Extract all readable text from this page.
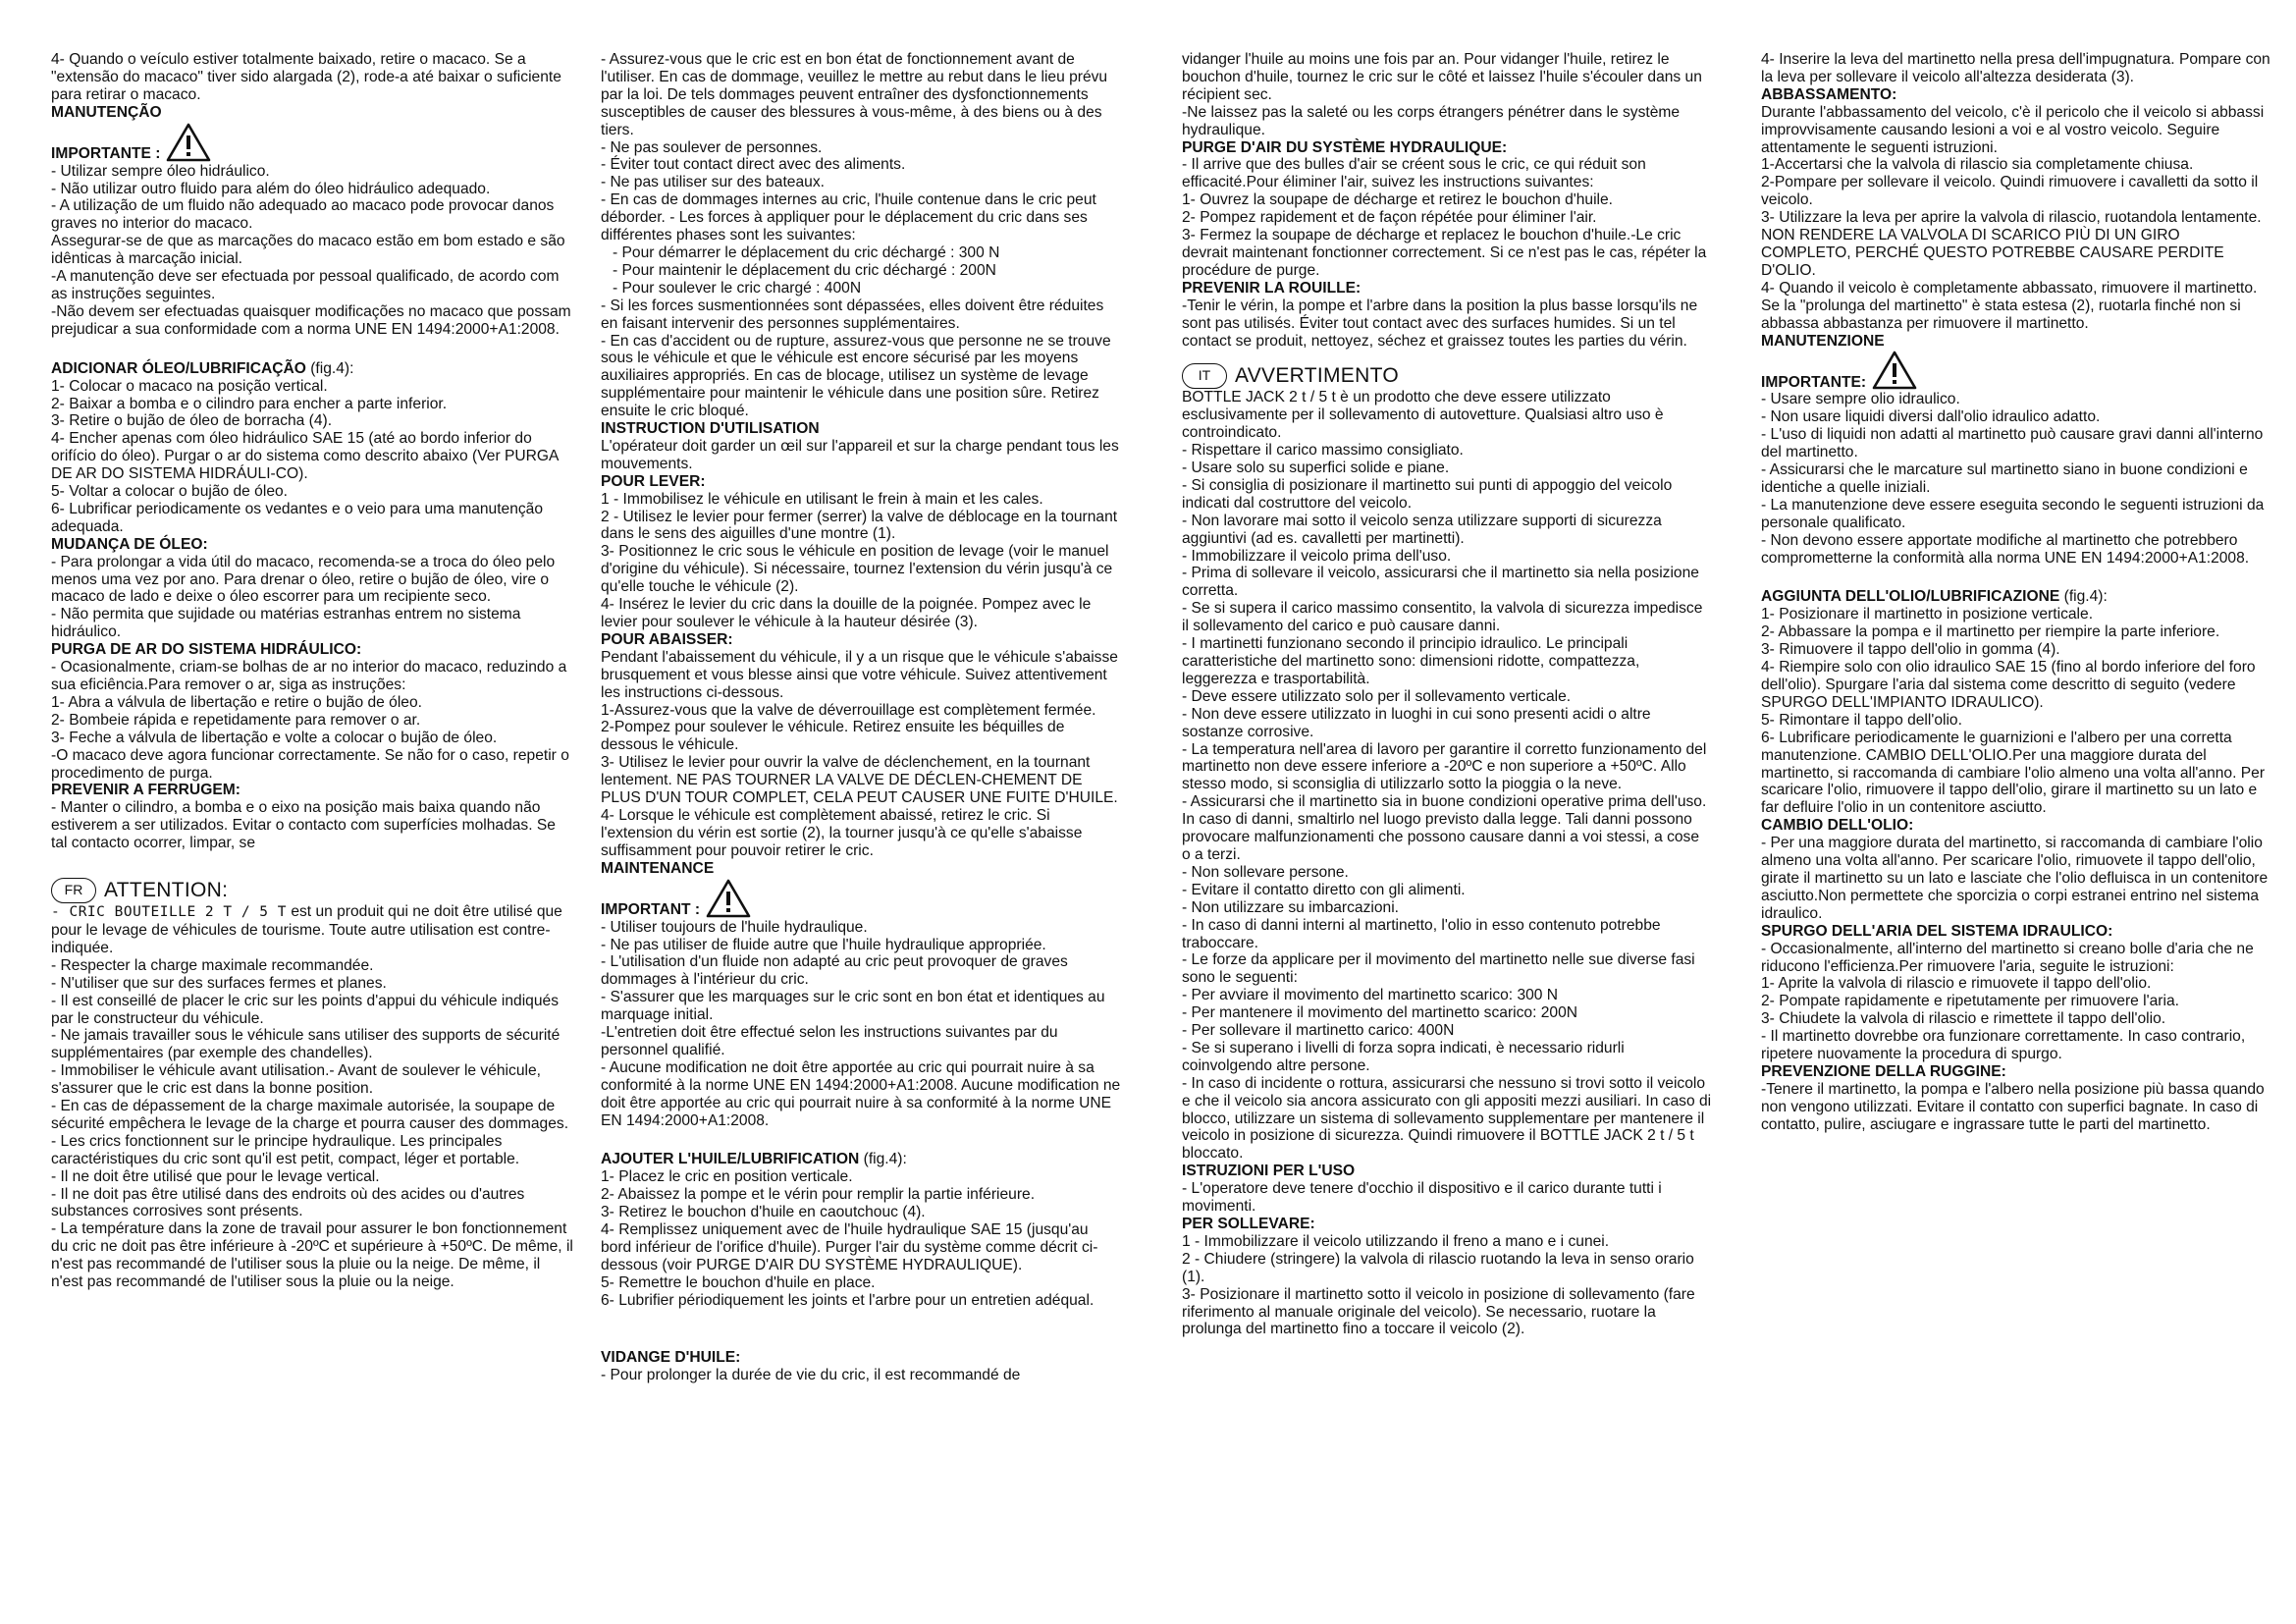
4- Quando o veículo estiver totalmente baixado, retire o macaco. Se a "extensão do macaco" tiver sido alargada (2), rode-a até baixar o suficiente para retirar o macaco.

MANUTENÇÃO

IMPORTANTE :

- Utilizar sempre óleo hidráulico.

- Não utilizar outro fluido para além do óleo hidráulico adequado.

- A utilização de um fluido não adequado ao macaco pode provocar danos graves no interior do macaco.

Assegurar-se de que as marcações do macaco estão em bom estado e são idênticas à marcação inicial.

-A manutenção deve ser efectuada por pessoal qualificado, de acordo com as instruções seguintes.

-Não devem ser efectuadas quaisquer modificações no macaco que possam prejudicar a sua conformidade com a norma UNE EN 1494:2000+A1:2008.

ADICIONAR ÓLEO/LUBRIFICAÇÃO (fig.4):

1- Colocar o macaco na posição vertical.

2- Baixar a bomba e o cilindro para encher a parte inferior.

3- Retire o bujão de óleo de borracha (4).

4- Encher apenas com óleo hidráulico SAE 15 (até ao bordo inferior do orifício do óleo). Purgar o ar do sistema como descrito abaixo (Ver PURGA DE AR DO SISTEMA HIDRÁULI-CO).

5- Voltar a colocar o bujão de óleo.

6- Lubrificar periodicamente os vedantes e o veio para uma manutenção adequada.

MUDANÇA DE ÓLEO:

- Para prolongar a vida útil do macaco, recomenda-se a troca do óleo pelo menos uma vez por ano. Para drenar o óleo, retire o bujão de óleo, vire o macaco de lado e deixe o óleo escorrer para um recipiente seco.

- Não permita que sujidade ou matérias estranhas entrem no sistema hidráulico.

PURGA DE AR DO SISTEMA HIDRÁULICO:

- Ocasionalmente, criam-se bolhas de ar no interior do macaco, reduzindo a sua eficiência.Para remover o ar, siga as instruções:

1- Abra a válvula de libertação e retire o bujão de óleo.

2- Bombeie rápida e repetidamente para remover o ar.

3- Feche a válvula de libertação e volte a colocar o bujão de óleo.

-O macaco deve agora funcionar correctamente. Se não for o caso, repetir o procedimento de purga.

PREVENIR A FERRUGEM:

- Manter o cilindro, a bomba e o eixo na posição mais baixa quando não estiverem a ser utilizados. Evitar o contacto com superfícies molhadas. Se tal contacto ocorrer, limpar, se

FR	ATTENTION:

- CRIC BOUTEILLE 2 T / 5 T est un produit qui ne doit être utilisé que pour le levage de véhicules de tourisme. Toute autre utilisation est contre-indiquée.

- Respecter la charge maximale recommandée.

- N'utiliser que sur des surfaces fermes et planes.

- Il est conseillé de placer le cric sur les points d'appui du véhicule indiqués par le constructeur du véhicule.

- Ne jamais travailler sous le véhicule sans utiliser des supports de sécurité supplémentaires (par exemple des chandelles).

- Immobiliser le véhicule avant utilisation.- Avant de soulever le véhicule, s'assurer que le cric est dans la bonne position.

- En cas de dépassement de la charge maximale autorisée, la soupape de sécurité empêchera le levage de la charge et pourra causer des dommages.

- Les crics fonctionnent sur le principe hydraulique. Les principales caractéristiques du cric sont qu'il est petit, compact, léger et portable.

- Il ne doit être utilisé que pour le levage vertical.

- Il ne doit pas être utilisé dans des endroits où des acides ou d'autres substances corrosives sont présents.

- La température dans la zone de travail pour assurer le bon fonctionnement du cric ne doit pas être inférieure à -20ºC et supérieure à +50ºC. De même, il n'est pas recommandé de l'utiliser sous la pluie ou la neige. De même, il n'est pas recommandé de l'utiliser sous la pluie ou la neige.

- Assurez-vous que le cric est en bon état de fonctionnement avant de l'utiliser. En cas de dommage, veuillez le mettre au rebut dans le lieu prévu par la loi. De tels dommages peuvent entraîner des dysfonctionnements susceptibles de causer des blessures à vous-même, à des biens ou à des tiers.

- Ne pas soulever de personnes.

- Éviter tout contact direct avec des aliments.

- Ne pas utiliser sur des bateaux.

- En cas de dommages internes au cric, l'huile contenue dans le cric peut déborder. - Les forces à appliquer pour le déplacement du cric dans ses différentes phases sont les suivantes:

- Pour démarrer le déplacement du cric déchargé : 300 N

- Pour maintenir le déplacement du cric déchargé : 200N

- Pour soulever le cric chargé : 400N

- Si les forces susmentionnées sont dépassées, elles doivent être réduites en faisant intervenir des personnes supplémentaires.

- En cas d'accident ou de rupture, assurez-vous que personne ne se trouve sous le véhicule et que le véhicule est encore sécurisé par les moyens auxiliaires appropriés. En cas de blocage, utilisez un système de levage supplémentaire pour maintenir le véhicule dans une position sûre. Retirez ensuite le cric bloqué.

INSTRUCTION D'UTILISATION

L'opérateur doit garder un œil sur l'appareil et sur la charge pendant tous les mouvements.

POUR LEVER:

1 - Immobilisez le véhicule en utilisant le frein à main et les cales.

2 - Utilisez le levier pour fermer (serrer) la valve de déblocage en la tournant dans le sens des aiguilles d'une montre (1).

3- Positionnez le cric sous le véhicule en position de levage (voir le manuel d'origine du véhicule). Si nécessaire, tournez l'extension du vérin jusqu'à ce qu'elle touche le véhicule (2).

4- Insérez le levier du cric dans la douille de la poignée. Pompez avec le levier pour soulever le véhicule à la hauteur désirée (3).

POUR ABAISSER:

Pendant l'abaissement du véhicule, il y a un risque que le véhicule s'abaisse brusquement et vous blesse ainsi que votre véhicule. Suivez attentivement les instructions ci-dessous.

1-Assurez-vous que la valve de déverrouillage est complètement fermée.

2-Pompez pour soulever le véhicule. Retirez ensuite les béquilles de dessous le véhicule.

3- Utilisez le levier pour ouvrir la valve de déclenchement, en la tournant lentement. NE PAS TOURNER LA VALVE DE DÉCLEN-CHEMENT DE PLUS D'UN TOUR COMPLET, CELA PEUT CAUSER UNE FUITE D'HUILE.

4- Lorsque le véhicule est complètement abaissé, retirez le cric. Si l'extension du vérin est sortie (2), la tourner jusqu'à ce qu'elle s'abaisse suffisamment pour pouvoir retirer le cric.

MAINTENANCE

IMPORTANT :

- Utiliser toujours de l'huile hydraulique.

- Ne pas utiliser de fluide autre que l'huile hydraulique appropriée.

- L'utilisation d'un fluide non adapté au cric peut provoquer de graves dommages à l'intérieur du cric.

- S'assurer que les marquages sur le cric sont en bon état et identiques au marquage initial.

-L'entretien doit être effectué selon les instructions suivantes par du personnel qualifié.

- Aucune modification ne doit être apportée au cric qui pourrait nuire à sa conformité à la norme UNE EN 1494:2000+A1:2008. Aucune modification ne doit être apportée au cric qui pourrait nuire à sa conformité à la norme UNE EN 1494:2000+A1:2008.

AJOUTER L'HUILE/LUBRIFICATION (fig.4):

1- Placez le cric en position verticale.

2- Abaissez la pompe et le vérin pour remplir la partie inférieure.

3- Retirez le bouchon d'huile en caoutchouc (4).

4- Remplissez uniquement avec de l'huile hydraulique SAE 15 (jusqu'au bord inférieur de l'orifice d'huile). Purger l'air du système comme décrit ci-dessous (voir PURGE D'AIR DU SYSTÈME HYDRAULIQUE).

5- Remettre le bouchon d'huile en place.

6- Lubrifier périodiquement les joints et l'arbre pour un entretien adéqual.

VIDANGE D'HUILE:

- Pour prolonger la durée de vie du cric, il est recommandé de

vidanger l'huile au moins une fois par an. Pour vidanger l'huile, retirez le bouchon d'huile, tournez le cric sur le côté et laissez l'huile s'écouler dans un récipient sec.

-Ne laissez pas la saleté ou les corps étrangers pénétrer dans le système hydraulique.

PURGE D'AIR DU SYSTÈME HYDRAULIQUE:

- Il arrive que des bulles d'air se créent sous le cric, ce qui réduit son efficacité.Pour éliminer l'air, suivez les instructions suivantes:

1- Ouvrez la soupape de décharge et retirez le bouchon d'huile.

2- Pompez rapidement et de façon répétée pour éliminer l'air.

3- Fermez la soupape de décharge et replacez le bouchon d'huile.-Le cric devrait maintenant fonctionner correctement. Si ce n'est pas le cas, répéter la procédure de purge.

PREVENIR LA ROUILLE:

-Tenir le vérin, la pompe et l'arbre dans la position la plus basse lorsqu'ils ne sont pas utilisés. Éviter tout contact avec des surfaces humides. Si un tel contact se produit, nettoyez, séchez et graissez toutes les parties du vérin.

IT	AVVERTIMENTO

BOTTLE JACK 2 t / 5 t è un prodotto che deve essere utilizzato esclusivamente per il sollevamento di autovetture. Qualsiasi altro uso è controindicato.

- Rispettare il carico massimo consigliato.

- Usare solo su superfici solide e piane.

- Si consiglia di posizionare il martinetto sui punti di appoggio del veicolo indicati dal costruttore del veicolo.

- Non lavorare mai sotto il veicolo senza utilizzare supporti di sicurezza aggiuntivi (ad es. cavalletti per martinetti).

- Immobilizzare il veicolo prima dell'uso.

- Prima di sollevare il veicolo, assicurarsi che il martinetto sia nella posizione corretta.

- Se si supera il carico massimo consentito, la valvola di sicurezza impedisce il sollevamento del carico e può causare danni.

- I martinetti funzionano secondo il principio idraulico. Le principali caratteristiche del martinetto sono: dimensioni ridotte, compattezza, leggerezza e trasportabilità.

- Deve essere utilizzato solo per il sollevamento verticale.

- Non deve essere utilizzato in luoghi in cui sono presenti acidi o altre sostanze corrosive.

- La temperatura nell'area di lavoro per garantire il corretto funzionamento del martinetto non deve essere inferiore a -20ºC e non superiore a +50ºC. Allo stesso modo, si sconsiglia di utilizzarlo sotto la pioggia o la neve.

- Assicurarsi che il martinetto sia in buone condizioni operative prima dell'uso. In caso di danni, smaltirlo nel luogo previsto dalla legge. Tali danni possono provocare malfunzionamenti che possono causare danni a voi stessi, a cose o a terzi.

- Non sollevare persone.

- Evitare il contatto diretto con gli alimenti.

- Non utilizzare su imbarcazioni.

- In caso di danni interni al martinetto, l'olio in esso contenuto potrebbe traboccare.

- Le forze da applicare per il movimento del martinetto nelle sue diverse fasi sono le seguenti:

- Per avviare il movimento del martinetto scarico: 300 N

- Per mantenere il movimento del martinetto scarico: 200N

- Per sollevare il martinetto carico: 400N

- Se si superano i livelli di forza sopra indicati, è necessario ridurli coinvolgendo altre persone.

- In caso di incidente o rottura, assicurarsi che nessuno si trovi sotto il veicolo e che il veicolo sia ancora assicurato con gli appositi mezzi ausiliari. In caso di blocco, utilizzare un sistema di sollevamento supplementare per mantenere il veicolo in posizione di sicurezza. Quindi rimuovere il BOTTLE JACK 2 t / 5 t bloccato.

ISTRUZIONI PER L'USO

- L'operatore deve tenere d'occhio il dispositivo e il carico durante tutti i movimenti.

PER SOLLEVARE:

1 - Immobilizzare il veicolo utilizzando il freno a mano e i cunei.

2 - Chiudere (stringere) la valvola di rilascio ruotando la leva in senso orario (1).

3- Posizionare il martinetto sotto il veicolo in posizione di sollevamento (fare riferimento al manuale originale del veicolo). Se necessario, ruotare la prolunga del martinetto fino a toccare il veicolo (2).

4- Inserire la leva del martinetto nella presa dell'impugnatura. Pompare con la leva per sollevare il veicolo all'altezza desiderata (3).

ABBASSAMENTO:

Durante l'abbassamento del veicolo, c'è il pericolo che il veicolo si abbassi improvvisamente causando lesioni a voi e al vostro veicolo. Seguire attentamente le seguenti istruzioni.

1-Accertarsi che la valvola di rilascio sia completamente chiusa.

2-Pompare per sollevare il veicolo. Quindi rimuovere i cavalletti da sotto il veicolo.

3- Utilizzare la leva per aprire la valvola di rilascio, ruotandola lentamente. NON RENDERE LA VALVOLA DI SCARICO PIÙ DI UN GIRO COMPLETO, PERCHÉ QUESTO POTREBBE CAUSARE PERDITE D'OLIO.

4- Quando il veicolo è completamente abbassato, rimuovere il martinetto. Se la "prolunga del martinetto" è stata estesa (2), ruotarla finché non si abbassa abbastanza per rimuovere il martinetto.

MANUTENZIONE

IMPORTANTE:

- Usare sempre olio idraulico.

- Non usare liquidi diversi dall'olio idraulico adatto.

- L'uso di liquidi non adatti al martinetto può causare gravi danni all'interno del martinetto.

- Assicurarsi che le marcature sul martinetto siano in buone condizioni e identiche a quelle iniziali.

- La manutenzione deve essere eseguita secondo le seguenti istruzioni da personale qualificato.

- Non devono essere apportate modifiche al martinetto che potrebbero comprometterne la conformità alla norma UNE EN 1494:2000+A1:2008.

AGGIUNTA DELL'OLIO/LUBRIFICAZIONE (fig.4):

1- Posizionare il martinetto in posizione verticale.

2- Abbassare la pompa e il martinetto per riempire la parte inferiore.

3- Rimuovere il tappo dell'olio in gomma (4).

4- Riempire solo con olio idraulico SAE 15 (fino al bordo inferiore del foro dell'olio). Spurgare l'aria dal sistema come descritto di seguito (vedere SPURGO DELL'IMPIANTO IDRAULICO).

5- Rimontare il tappo dell'olio.

6- Lubrificare periodicamente le guarnizioni e l'albero per una corretta manutenzione. CAMBIO DELL'OLIO.Per una maggiore durata del martinetto, si raccomanda di cambiare l'olio almeno una volta all'anno. Per scaricare l'olio, rimuovere il tappo dell'olio, girare il martinetto su un lato e far defluire l'olio in un contenitore asciutto.

CAMBIO DELL'OLIO:

- Per una maggiore durata del martinetto, si raccomanda di cambiare l'olio almeno una volta all'anno. Per scaricare l'olio, rimuovete il tappo dell'olio, girate il martinetto su un lato e lasciate che l'olio defluisca in un contenitore asciutto.Non permettete che sporcizia o corpi estranei entrino nel sistema idraulico.

SPURGO DELL'ARIA DEL SISTEMA IDRAULICO:

- Occasionalmente, all'interno del martinetto si creano bolle d'aria che ne riducono l'efficienza.Per rimuovere l'aria, seguite le istruzioni:

1- Aprite la valvola di rilascio e rimuovete il tappo dell'olio.

2- Pompate rapidamente e ripetutamente per rimuovere l'aria.

3- Chiudete la valvola di rilascio e rimettete il tappo dell'olio.

- Il martinetto dovrebbe ora funzionare correttamente. In caso contrario, ripetere nuovamente la procedura di spurgo.

PREVENZIONE DELLA RUGGINE:

-Tenere il martinetto, la pompa e l'albero nella posizione più bassa quando non vengono utilizzati. Evitare il contatto con superfici bagnate. In caso di contatto, pulire, asciugare e ingrassare tutte le parti del martinetto.
